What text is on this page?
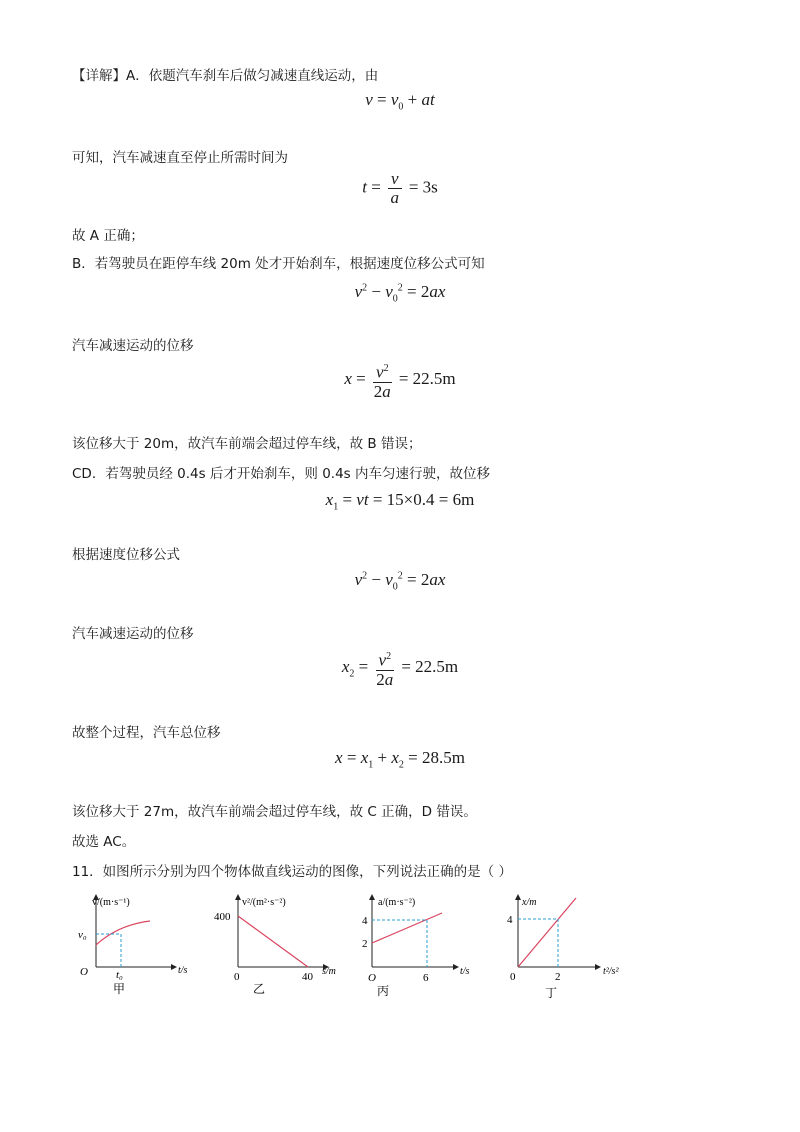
【详解】A．依题汽车刹车后做匀减速直线运动，由
$v = v_0$ + at
可知，汽车减速直至停止所需时间为
$t = \frac{v}{a} = 3s$
故 A 正确；
B．若驾驶员在距停车线 20m 处才开始刹车，根据速度位移公式可知
$v^2 - v_0^2 = 2ax$
汽车减速运动的位移
$x = \frac{v^2}{2a} = 22.5m$
该位移大于 20m，故汽车前端会超过停车线，故 B 错误；
CD．若驾驶员经 0.4s 后才开始刹车，则 0.4s 内车匀速行驶，故位移
$x_1$ = vt = 15×0.4 = 6m
根据速度位移公式
$v^2 - v_0^2 = 2ax$
汽车减速运动的位移
$x_2 = \frac{v^2}{2a} = 22.5m$
故整个过程，汽车总位移
$x = x_1 + x_2 = 28.5m$
该位移大于 27m，故汽车前端会超过停车线，故 C 正确，D 错误。
故选 AC。
11．如图所示分别为四个物体做直线运动的图像，下列说法正确的是（ ）
v/(m·s⁻¹)
t/s
O
v₀
t₀
甲
v²/(m²·s⁻²)
s/m
400
0	40
乙
a/(m·s⁻²)
t/s
4
2
O	6
丙
x/m
t²/s²
4
0	2
丁
